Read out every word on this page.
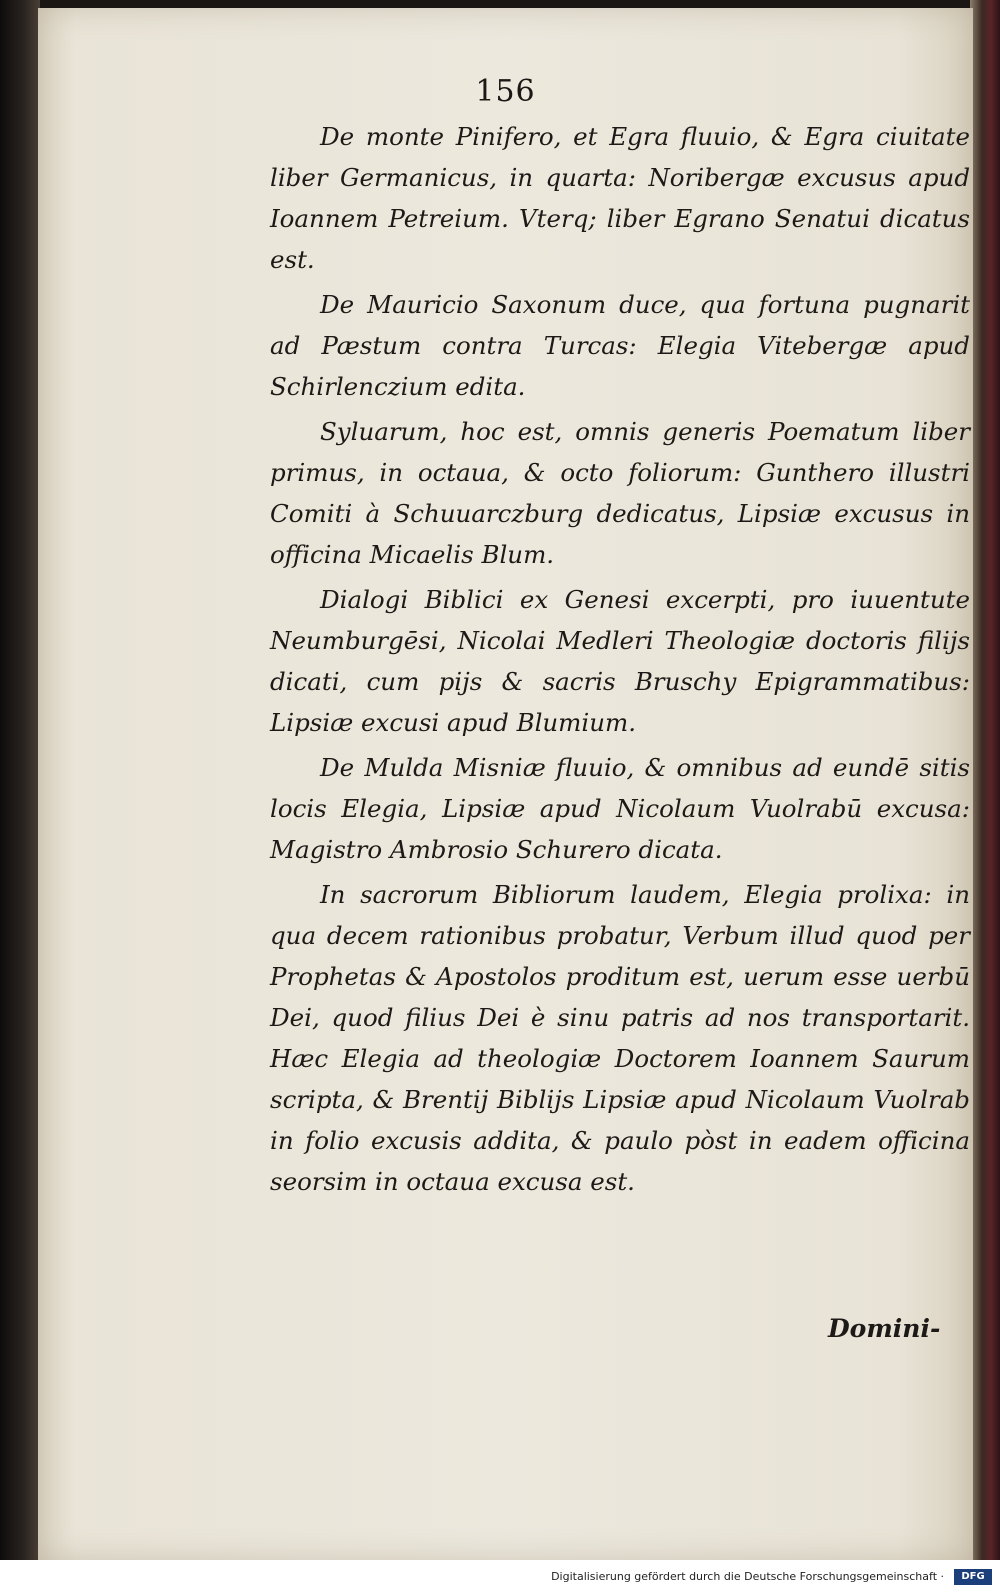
156

De monte Pinifero, et Egra fluuio, & Egra ciuitate liber Germanicus, in quarta: Noribergæ excusus apud Ioannem Petreium. Vterq; liber Egrano Senatui dicatus est.

De Mauricio Saxonum duce, qua fortuna pugnarit ad Pæstum contra Turcas: Elegia Vitebergæ apud Schirlenczium edita.

Syluarum, hoc est, omnis generis Poematum liber primus, in octaua, & octo foliorum: Gunthero illustri Comiti à Schuuarczburg dedicatus, Lipsiæ excusus in officina Micaelis Blum.

Dialogi Biblici ex Genesi excerpti, pro iuuentute Neumburgēsi, Nicolai Medleri Theologiæ doctoris filijs dicati, cum pijs & sacris Bruschy Epigrammatibus: Lipsiæ excusi apud Blumium.

De Mulda Misniæ fluuio, & omnibus ad eundē sitis locis Elegia, Lipsiæ apud Nicolaum Vuolrabū excusa: Magistro Ambrosio Schurero dicata.

In sacrorum Bibliorum laudem, Elegia prolixa: in qua decem rationibus probatur, Verbum illud quod per Prophetas & Apostolos proditum est, uerum esse uerbū Dei, quod filius Dei è sinu patris ad nos transportarit. Hæc Elegia ad theologiæ Doctorem Ioannem Saurum scripta, & Brentij Biblijs Lipsiæ apud Nicolaum Vuolrab in folio excusis addita, & paulo pòst in eadem officina seorsim in octaua excusa est.

Domini-
Digitalisierung gefördert durch die Deutsche Forschungsgemeinschaft ·	DFG
